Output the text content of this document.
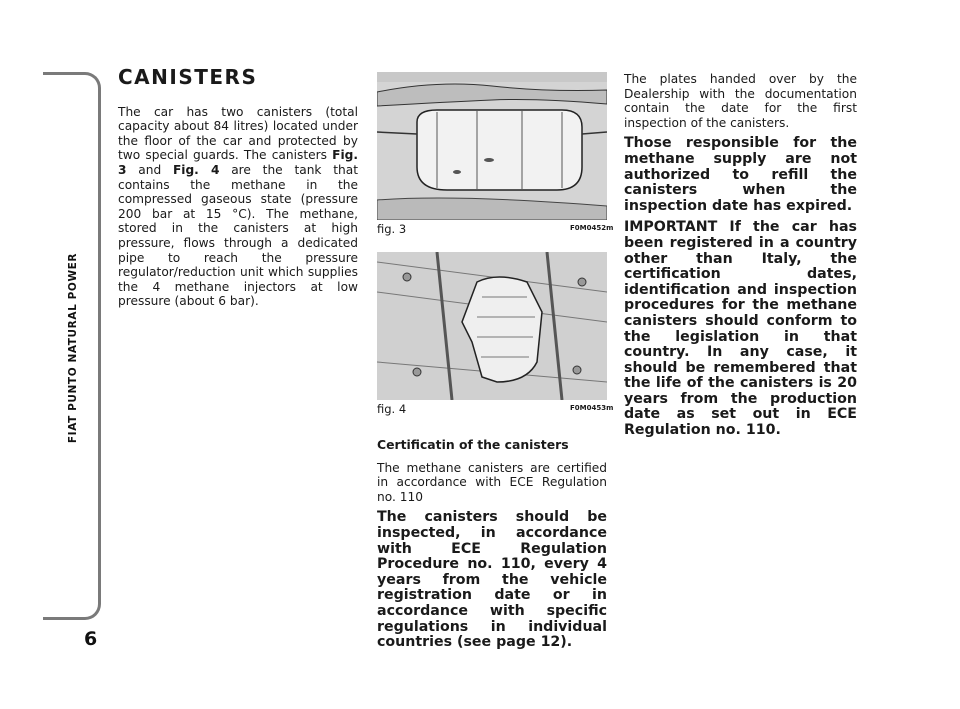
FIAT PUNTO NATURAL POWER
6
CANISTERS

The car has two canisters (total capacity about 84 litres) located under the floor of the car and protected by two special guards. The canisters Fig. 3 and Fig. 4 are the tank that contains the methane in the compressed gaseous state (pressure 200 bar at 15 °C). The methane, stored in the canisters at high pressure, flows through a dedicated pipe to reach the pressure regulator/reduction unit which supplies the 4 methane injectors at low pressure (about 6 bar).

fig. 3	F0M0452m
fig. 4	F0M0453m
Certificatin of the canisters

The methane canisters are certified in accordance with ECE Regulation no. 110

The canisters should be inspected, in accordance with ECE Regulation Procedure no. 110, every 4 years from the vehicle registration date or in accordance with specific regulations in individual countries (see page 12).

The plates handed over by the Dealership with the documentation contain the date for the first inspection of the canisters.

Those responsible for the methane supply are not authorized to refill the canisters when the inspection date has expired.

IMPORTANT If the car has been registered in a country other than Italy, the certification dates, identification and inspection procedures for the methane canisters should conform to the legislation in that country. In any case, it should be remembered that the life of the canisters is 20 years from the production date as set out in ECE Regulation no. 110.
